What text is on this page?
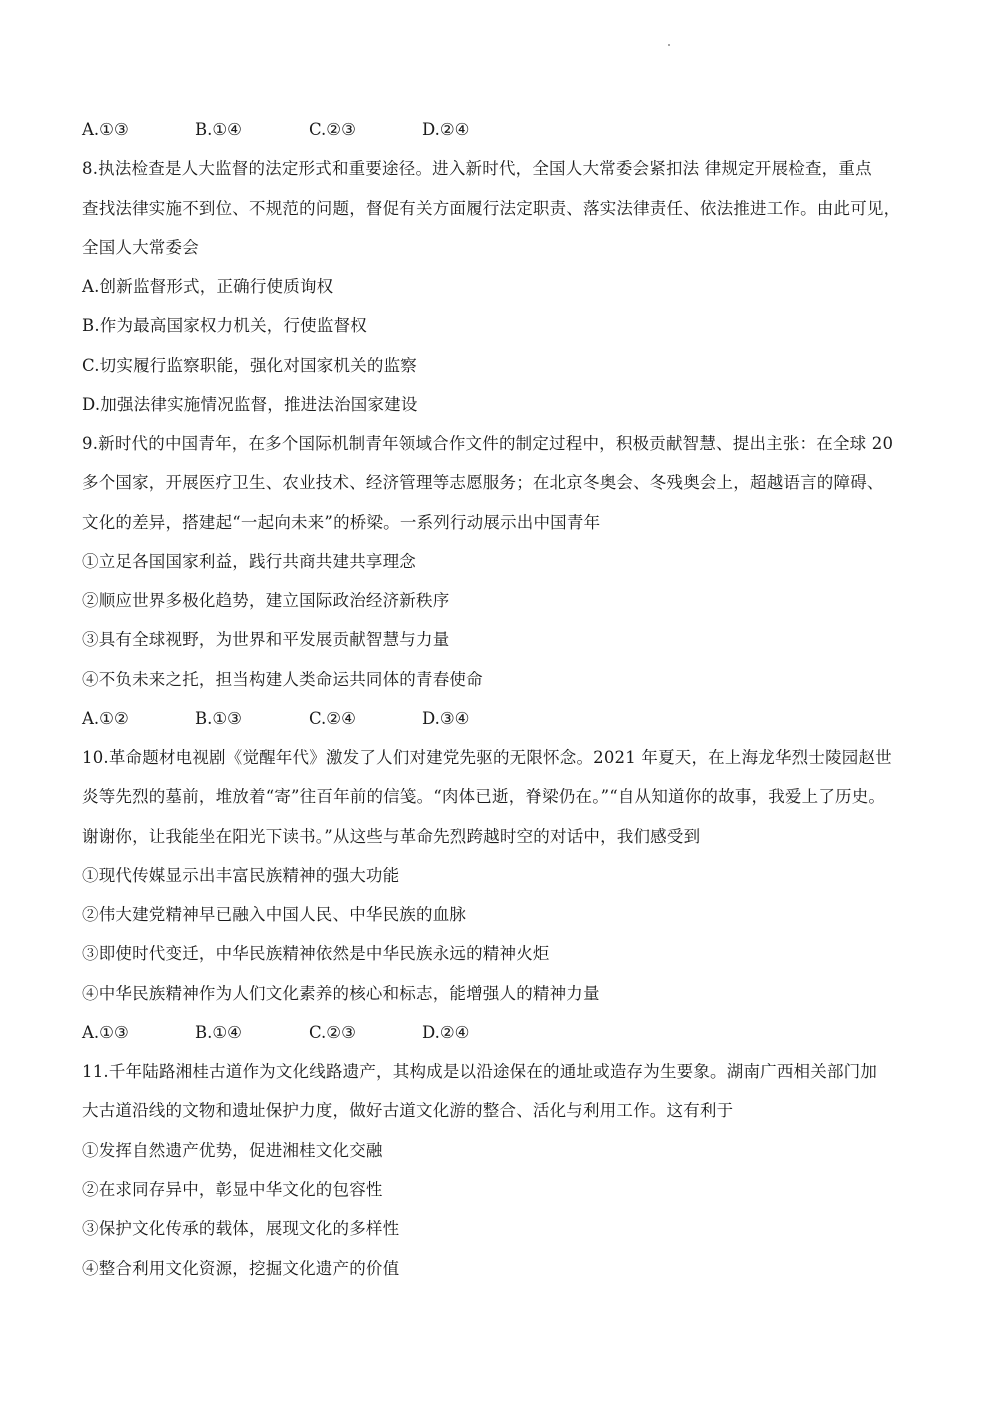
A.①③	B.①④	C.②③	D.②④
8.执法检查是人大监督的法定形式和重要途径。进入新时代，全国人大常委会紧扣法 律规定开展检查，重点
查找法律实施不到位、不规范的问题，督促有关方面履行法定职责、落实法律责任、依法推进工作。由此可见，
全国人大常委会
A.创新监督形式，正确行使质询权
B.作为最高国家权力机关，行使监督权
C.切实履行监察职能，强化对国家机关的监察
D.加强法律实施情况监督，推进法治国家建设
9.新时代的中国青年，在多个国际机制青年领域合作文件的制定过程中，积极贡献智慧、提出主张：在全球 20
多个国家，开展医疗卫生、农业技术、经济管理等志愿服务；在北京冬奥会、冬残奥会上，超越语言的障碍、
文化的差异，搭建起“一起向未来”的桥梁。一系列行动展示出中国青年
①立足各国国家利益，践行共商共建共享理念
②顺应世界多极化趋势，建立国际政治经济新秩序
③具有全球视野，为世界和平发展贡献智慧与力量
④不负未来之托，担当构建人类命运共同体的青春使命
A.①②	B.①③	C.②④	D.③④
10.革命题材电视剧《觉醒年代》激发了人们对建党先驱的无限怀念。2021 年夏天，在上海龙华烈士陵园赵世
炎等先烈的墓前，堆放着“寄”往百年前的信笺。“肉体已逝，脊梁仍在。”“自从知道你的故事，我爱上了历史。
谢谢你，让我能坐在阳光下读书。”从这些与革命先烈跨越时空的对话中，我们感受到
①现代传媒显示出丰富民族精神的强大功能
②伟大建党精神早已融入中国人民、中华民族的血脉
③即使时代变迁，中华民族精神依然是中华民族永远的精神火炬
④中华民族精神作为人们文化素养的核心和标志，能增强人的精神力量
A.①③	B.①④	C.②③	D.②④
11.千年陆路湘桂古道作为文化线路遗产，其构成是以沿途保在的通址或造存为生要象。湖南广西相关部门加
大古道沿线的文物和遗址保护力度，做好古道文化游的整合、活化与利用工作。这有利于
①发挥自然遗产优势，促进湘桂文化交融
②在求同存异中，彰显中华文化的包容性
③保护文化传承的载体，展现文化的多样性
④整合利用文化资源，挖掘文化遗产的价值
